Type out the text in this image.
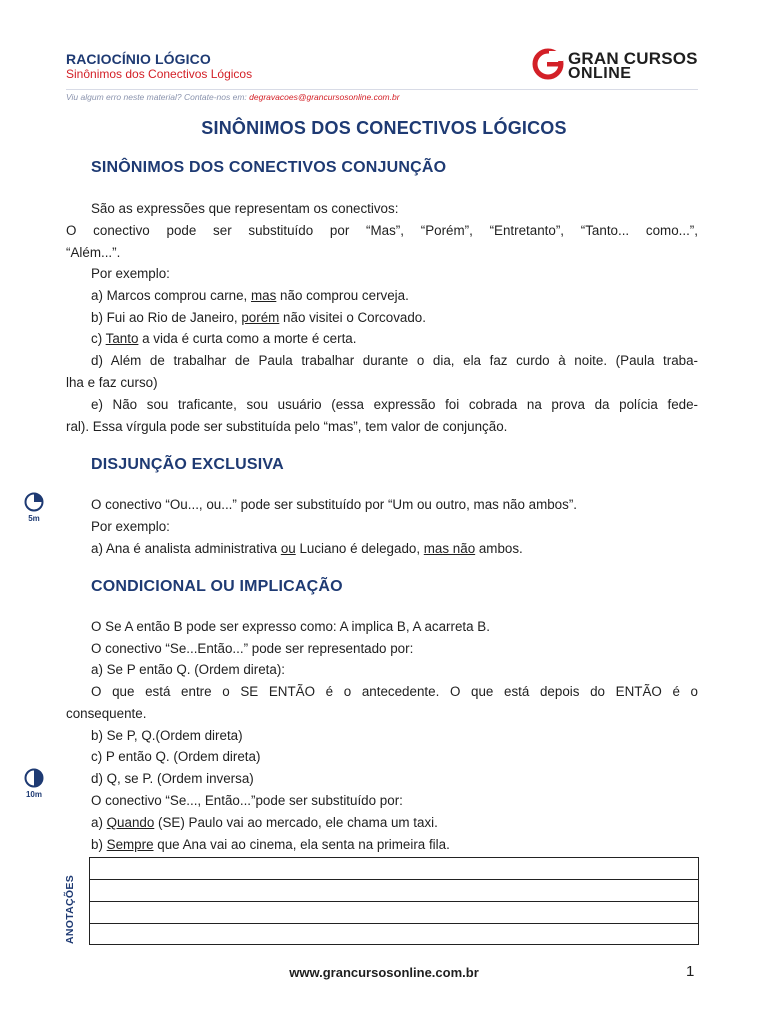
RACIOCÍNIO LÓGICO
Sinônimos dos Conectivos Lógicos
GRAN CURSOS
ONLINE
Viu algum erro neste material? Contate-nos em: degravacoes@grancursosonline.com.br
SINÔNIMOS DOS CONECTIVOS LÓGICOS
SINÔNIMOS DOS CONECTIVOS CONJUNÇÃO
São as expressões que representam os conectivos:
O conectivo pode ser substituído por “Mas”, “Porém”, “Entretanto”, “Tanto... como...”,
“Além...”.
Por exemplo:
a) Marcos comprou carne, mas não comprou cerveja.
b) Fui ao Rio de Janeiro, porém não visitei o Corcovado.
c) Tanto a vida é curta como a morte é certa.
d) Além de trabalhar de Paula trabalhar durante o dia, ela faz curdo à noite. (Paula traba-
lha e faz curso)
e) Não sou traficante, sou usuário (essa expressão foi cobrada na prova da polícia fede-
ral). Essa vírgula pode ser substituída pelo “mas”, tem valor de conjunção.
DISJUNÇÃO EXCLUSIVA
5m
O conectivo “Ou..., ou...” pode ser substituído por “Um ou outro, mas não ambos”.
Por exemplo:
a) Ana é analista administrativa ou Luciano é delegado, mas não ambos.
CONDICIONAL OU IMPLICAÇÃO
O Se A então B pode ser expresso como: A implica B, A acarreta B.
O conectivo “Se...Então...” pode ser representado por:
a) Se P então Q. (Ordem direta):
O que está entre o SE ENTÃO é o antecedente. O que está depois do ENTÃO é o
consequente.
b) Se P, Q.(Ordem direta)
c) P então Q. (Ordem direta)
d) Q, se P. (Ordem inversa)
10m	O conectivo “Se..., Então...”pode ser substituído por:
a) Quando (SE) Paulo vai ao mercado, ele chama um taxi.
b) Sempre que Ana vai ao cinema, ela senta na primeira fila.
ANOTAÇÕES
www.grancursosonline.com.br	1
